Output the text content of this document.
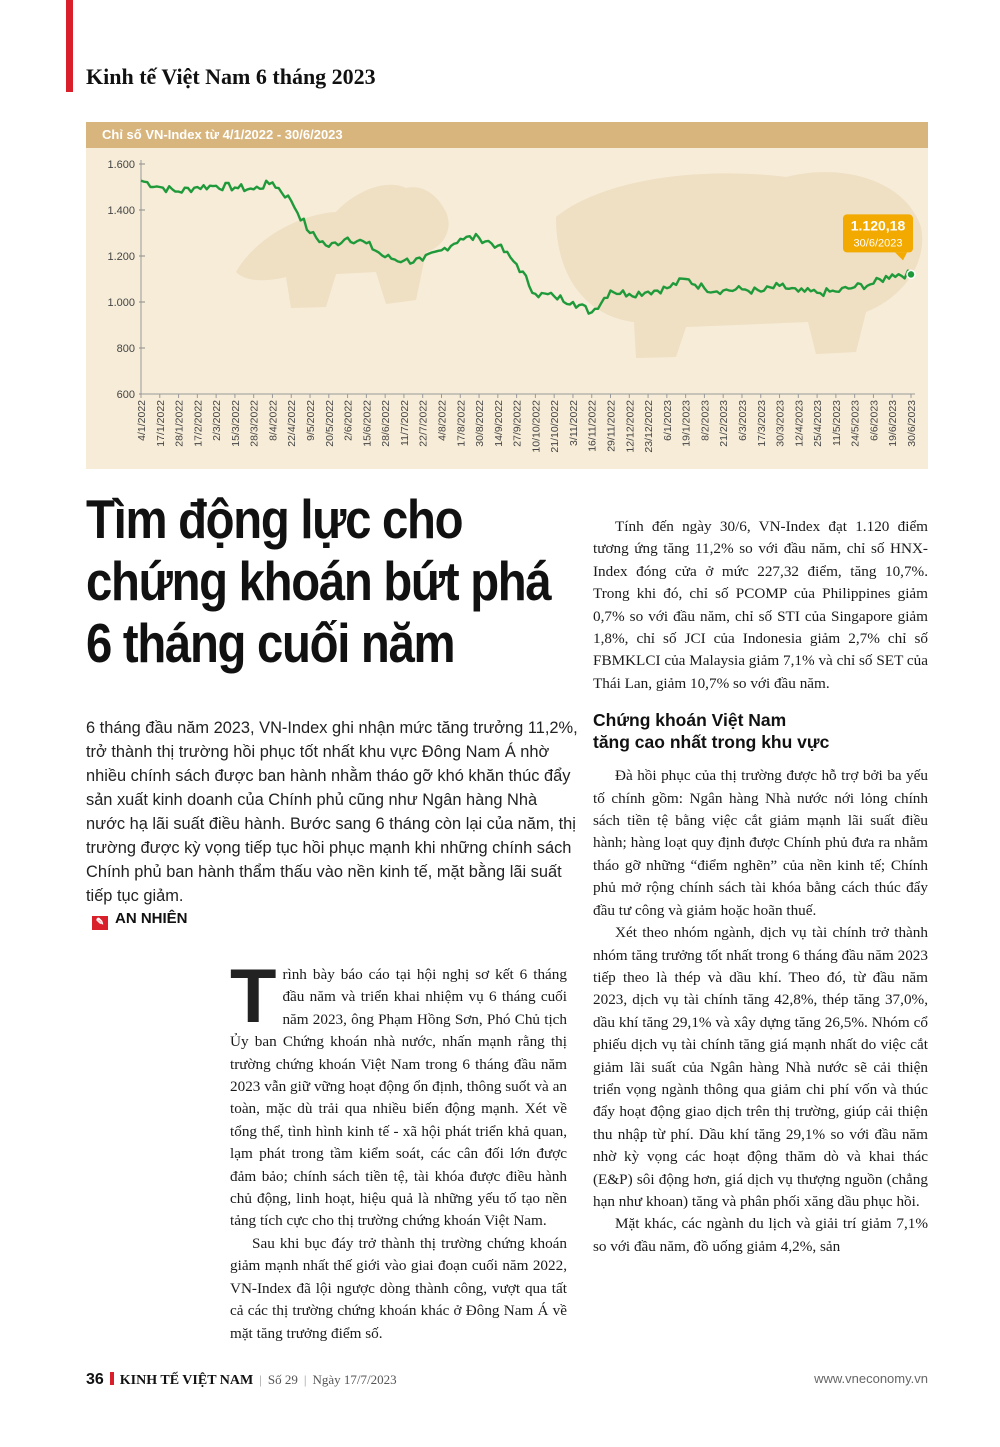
Kinh tế Việt Nam 6 tháng 2023
Chỉ số VN-Index từ 4/1/2022 - 30/6/2023
1.600
1.400
1.200
1.000
800
600
4/1/2022 17/1/2022 28/1/2022 17/2/2022 2/3/2022 15/3/2022 28/3/2022 8/4/2022 22/4/2022 9/5/2022 20/5/2022 2/6/2022 15/6/2022 28/6/2022 11/7/2022 22/7/2022 4/8/2022 17/8/2022 30/8/2022 14/9/2022 27/9/2022 10/10/2022 21/10/2022 3/11/2022 16/11/2022 29/11/2022 12/12/2022 23/12/2022 6/1/2023 19/1/2023 8/2/2023 21/2/2023 6/3/2023 17/3/2023 30/3/2023 12/4/2023 25/4/2023 11/5/2023 24/5/2023 6/6/2023 19/6/2023 30/6/2023
1.120,18
30/6/2023
Tìm động lực cho
chứng khoán bứt phá
6 tháng cuối năm
6 tháng đầu năm 2023, VN-Index ghi nhận mức tăng trưởng 11,2%, trở thành thị trường hồi phục tốt nhất khu vực Đông Nam Á nhờ nhiều chính sách được ban hành nhằm tháo gỡ khó khăn thúc đẩy sản xuất kinh doanh của Chính phủ cũng như Ngân hàng Nhà nước hạ lãi suất điều hành. Bước sang 6 tháng còn lại của năm, thị trường được kỳ vọng tiếp tục hồi phục mạnh khi những chính sách Chính phủ ban hành thẩm thấu vào nền kinh tế, mặt bằng lãi suất tiếp tục giảm.
✎ AN NHIÊN

Trình bày báo cáo tại hội nghị sơ kết 6 tháng đầu năm và triển khai nhiệm vụ 6 tháng cuối năm 2023, ông Phạm Hồng Sơn, Phó Chủ tịch Ủy ban Chứng khoán nhà nước, nhấn mạnh rằng thị trường chứng khoán Việt Nam trong 6 tháng đầu năm 2023 vẫn giữ vững hoạt động ổn định, thông suốt và an toàn, mặc dù trải qua nhiều biến động mạnh. Xét về tổng thể, tình hình kinh tế - xã hội phát triển khả quan, lạm phát trong tầm kiểm soát, các cân đối lớn được đảm bảo; chính sách tiền tệ, tài khóa được điều hành chủ động, linh hoạt, hiệu quả là những yếu tố tạo nền tảng tích cực cho thị trường chứng khoán Việt Nam.

Sau khi bục đáy trở thành thị trường chứng khoán giảm mạnh nhất thế giới vào giai đoạn cuối năm 2022, VN-Index đã lội ngược dòng thành công, vượt qua tất cả các thị trường chứng khoán khác ở Đông Nam Á về mặt tăng trưởng điểm số.

Tính đến ngày 30/6, VN-Index đạt 1.120 điểm tương ứng tăng 11,2% so với đầu năm, chỉ số HNX-Index đóng cửa ở mức 227,32 điểm, tăng 10,7%. Trong khi đó, chỉ số PCOMP của Philippines giảm 0,7% so với đầu năm, chỉ số STI của Singapore giảm 1,8%, chỉ số JCI của Indonesia giảm 2,7% chỉ số FBMKLCI của Malaysia giảm 7,1% và chỉ số SET của Thái Lan, giảm 10,7% so với đầu năm.

Chứng khoán Việt Nam
tăng cao nhất trong khu vực

Đà hồi phục của thị trường được hỗ trợ bởi ba yếu tố chính gồm: Ngân hàng Nhà nước nới lỏng chính sách tiền tệ bằng việc cắt giảm mạnh lãi suất điều hành; hàng loạt quy định được Chính phủ đưa ra nhằm tháo gỡ những “điểm nghẽn” của nền kinh tế; Chính phủ mở rộng chính sách tài khóa bằng cách thúc đẩy đầu tư công và giảm hoặc hoãn thuế.

Xét theo nhóm ngành, dịch vụ tài chính trở thành nhóm tăng trưởng tốt nhất trong 6 tháng đầu năm 2023 tiếp theo là thép và dầu khí. Theo đó, từ đầu năm 2023, dịch vụ tài chính tăng 42,8%, thép tăng 37,0%, dầu khí tăng 29,1% và xây dựng tăng 26,5%. Nhóm cổ phiếu dịch vụ tài chính tăng giá mạnh nhất do việc cắt giảm lãi suất của Ngân hàng Nhà nước sẽ cải thiện triển vọng ngành thông qua giảm chi phí vốn và thúc đẩy hoạt động giao dịch trên thị trường, giúp cải thiện thu nhập từ phí. Dầu khí tăng 29,1% so với đầu năm nhờ kỳ vọng các hoạt động thăm dò và khai thác (E&P) sôi động hơn, giá dịch vụ thượng nguồn (chẳng hạn như khoan) tăng và phân phối xăng dầu phục hồi.

Mặt khác, các ngành du lịch và giải trí giảm 7,1% so với đầu năm, đồ uống giảm 4,2%, sản

36 KINH TẾ VIỆT NAM | Số 29 | Ngày 17/7/2023	www.vneconomy.vn
